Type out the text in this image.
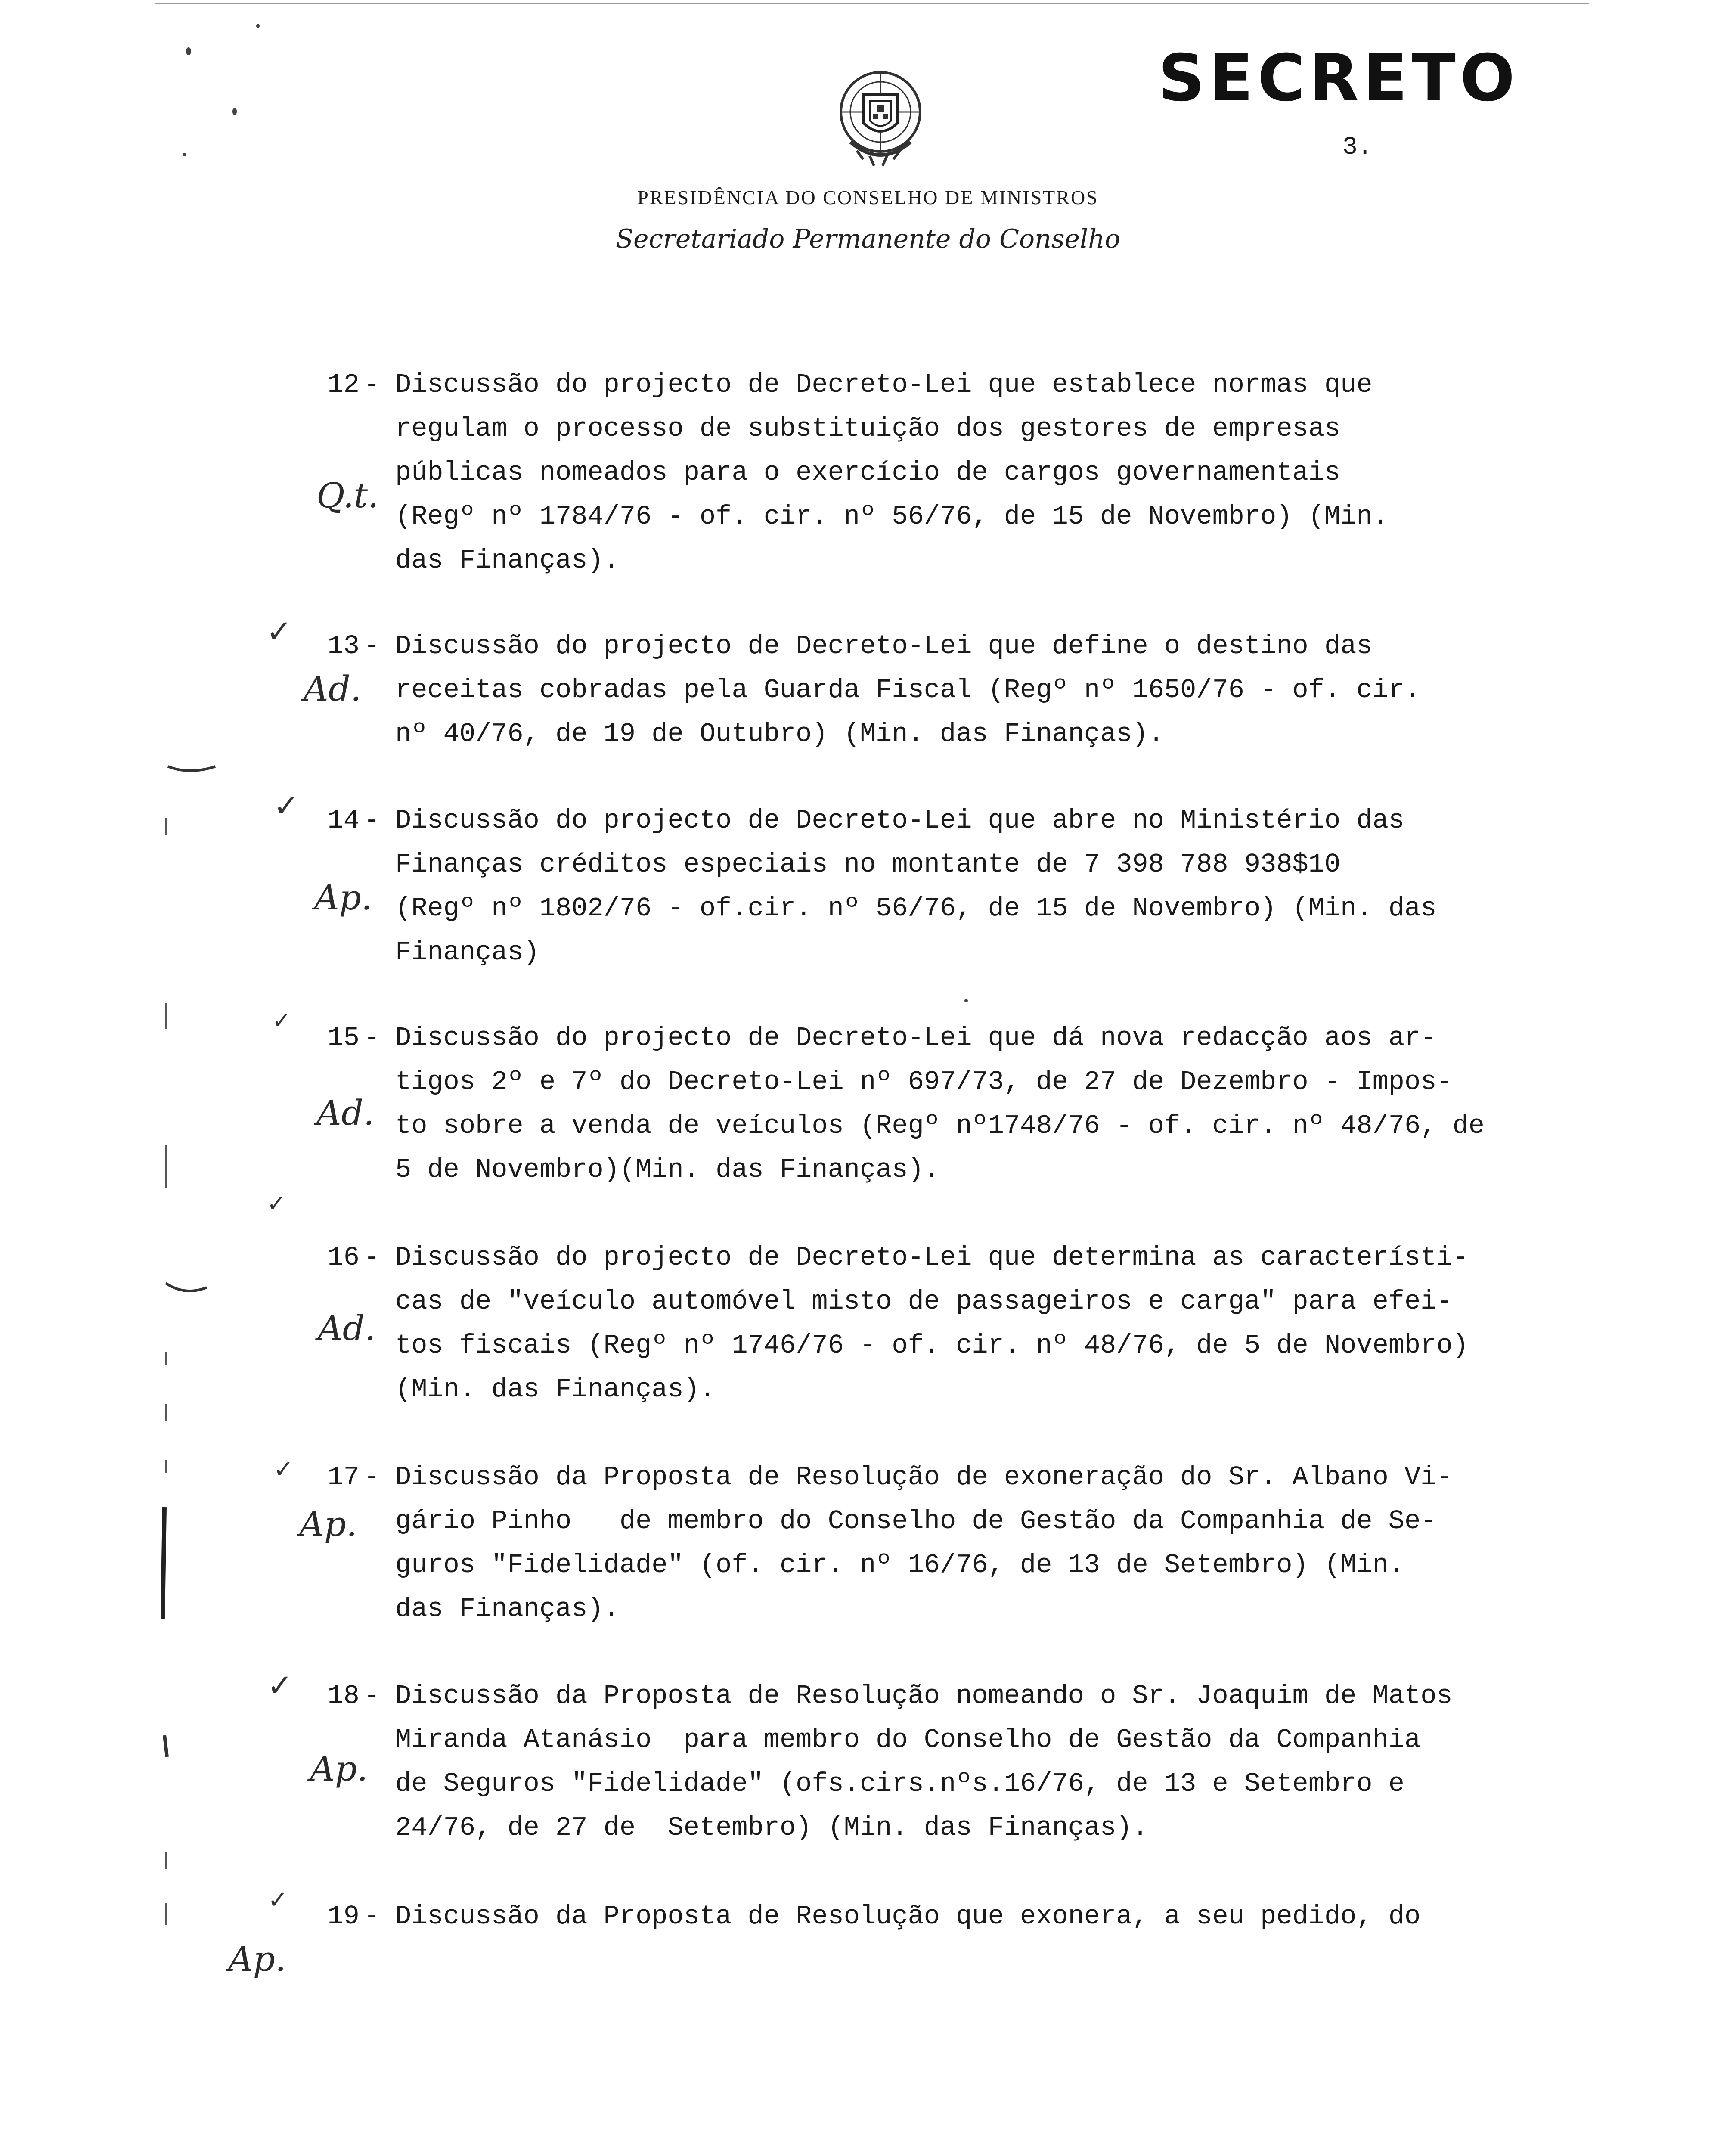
SECRETO
3.
PRESIDÊNCIA DO CONSELHO DE MINISTROS
Secretariado Permanente do Conselho
12 - Discussão do projecto de Decreto-Lei que establece normas que
regulam o processo de substituição dos gestores de empresas
públicas nomeados para o exercício de cargos governamentais
(Regº nº 1784/76 - of. cir. nº 56/76, de 15 de Novembro) (Min.
das Finanças).
Q.t.
✓	13 - Discussão do projecto de Decreto-Lei que define o destino das
receitas cobradas pela Guarda Fiscal (Regº nº 1650/76 - of. cir.
nº 40/76, de 19 de Outubro) (Min. das Finanças).
Ad.
✓	14 - Discussão do projecto de Decreto-Lei que abre no Ministério das
Finanças créditos especiais no montante de 7 398 788 938$10
(Regº nº 1802/76 - of.cir. nº 56/76, de 15 de Novembro) (Min. das
Finanças)
Ap.
✓
15 - Discussão do projecto de Decreto-Lei que dá nova redacção aos ar-
tigos 2º e 7º do Decreto-Lei nº 697/73, de 27 de Dezembro - Impos-
to sobre a venda de veículos (Regº nº1748/76 - of. cir. nº 48/76, de
5 de Novembro)(Min. das Finanças).
Ad.
✓
16 - Discussão do projecto de Decreto-Lei que determina as característi-
cas de "veículo automóvel misto de passageiros e carga" para efei-
tos fiscais (Regº nº 1746/76 - of. cir. nº 48/76, de 5 de Novembro)
(Min. das Finanças).
Ad.
✓	17 - Discussão da Proposta de Resolução de exoneração do Sr. Albano Vi-
gário Pinho   de membro do Conselho de Gestão da Companhia de Se-
guros "Fidelidade" (of. cir. nº 16/76, de 13 de Setembro) (Min.
das Finanças).
Ap.
✓	18 - Discussão da Proposta de Resolução nomeando o Sr. Joaquim de Matos
Miranda Atanásio  para membro do Conselho de Gestão da Companhia
de Seguros "Fidelidade" (ofs.cirs.nºs.16/76, de 13 e Setembro e
24/76, de 27 de  Setembro) (Min. das Finanças).
Ap.
✓
19 - Discussão da Proposta de Resolução que exonera, a seu pedido, do
Ap.
